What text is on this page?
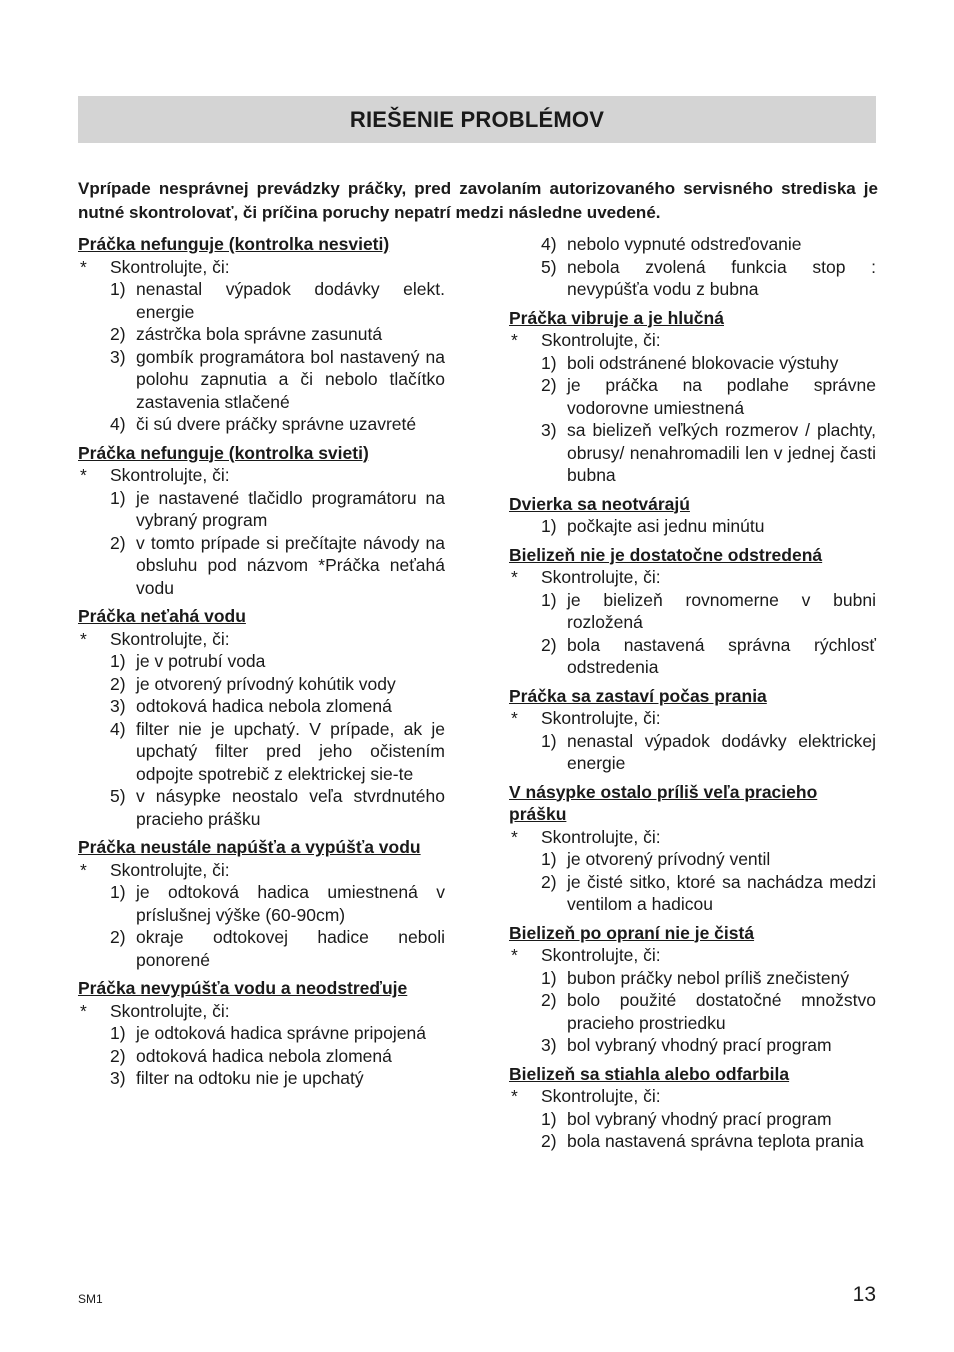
RIEŠENIE PROBLÉMOV

Vprípade nesprávnej prevádzky práčky, pred zavolaním autorizovaného servisného strediska je nutné skontrolovať, či príčina poruchy nepatrí medzi následne uvedené.

Práčka nefunguje (kontrolka nesvieti)

* Skontrolujte, či:

1) nenastal výpadok dodávky elekt. energie

2) zástrčka bola správne zasunutá

3) gombík programátora bol nastavený na polohu zapnutia a či nebolo tlačítko zastavenia stlačené

4) či sú dvere práčky správne uzavreté

Práčka nefunguje (kontrolka svieti)

* Skontrolujte, či:

1) je nastavené tlačidlo programátoru na vybraný program

2) v tomto prípade si prečítajte návody na obsluhu pod názvom *Práčka neťahá vodu

Práčka neťahá vodu

* Skontrolujte, či:

1) je v potrubí voda

2) je otvorený prívodný kohútik vody

3) odtoková hadica nebola zlomená

4) filter nie je upchatý. V prípade, ak je upchatý filter pred jeho očistením odpojte spotrebič z elektrickej sie-te

5) v násypke neostalo veľa stvrdnutého pracieho prášku

Práčka neustále napúšťa a vypúšťa vodu

* Skontrolujte, či:

1) je odtoková hadica umiestnená v príslušnej výške (60-90cm)

2) okraje odtokovej hadice neboli ponorené

Práčka nevypúšťa vodu a neodstreďuje

* Skontrolujte, či:

1) je odtoková hadica správne pripojená

2) odtoková hadica nebola zlomená

3) filter na odtoku nie je upchatý

4) nebolo vypnuté odstreďovanie

5) nebola zvolená funkcia stop : nevypúšťa vodu z bubna

Práčka vibruje a je hlučná

* Skontrolujte, či:

1) boli odstránené blokovacie výstuhy

2) je práčka na podlahe správne vodorovne umiestnená

3) sa bielizeň veľkých rozmerov / plachty, obrusy/ nenahromadili len v jednej časti bubna

Dvierka sa neotvárajú

1) počkajte asi jednu minútu

Bielizeň nie je dostatočne odstredená

* Skontrolujte, či:

1) je bielizeň rovnomerne v bubni rozložená

2) bola nastavená správna rýchlosť odstredenia

Práčka sa zastaví počas prania

* Skontrolujte, či:

1) nenastal výpadok dodávky elektrickej energie

V násypke ostalo príliš veľa pracieho prášku

* Skontrolujte, či:

1) je otvorený prívodný ventil

2) je čisté sitko, ktoré sa nachádza medzi ventilom a hadicou

Bielizeň po opraní nie je čistá

* Skontrolujte, či:

1) bubon práčky nebol príliš znečistený

2) bolo použité dostatočné množstvo pracieho prostriedku

3) bol vybraný vhodný prací program

Bielizeň sa stiahla alebo odfarbila

* Skontrolujte, či:

1) bol vybraný vhodný prací program

2) bola nastavená správna teplota prania

SM1	13
